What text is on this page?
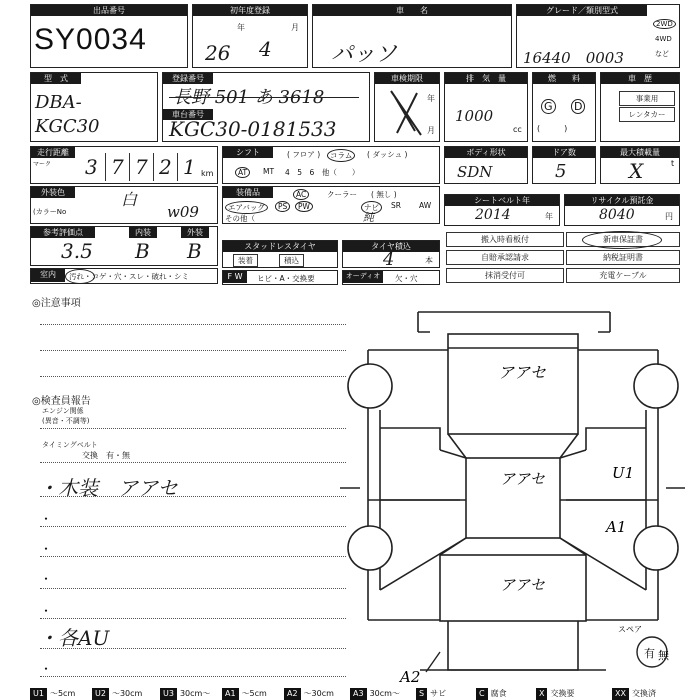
出品番号
SY0034
初年度登録
年	月
26 4
車　　名
パッソ
グレード／類別型式
16440　0003
2WD
4WD
など
型　式
DBA-KGC30
登録番号
長野 501 あ 3618
車台番号
KGC30-0181533
車検期限
年
月
排　気　量
1000
cc
燃　　料
G D
(　　　)
車　歴
事業用
レンタカー
走行距離
マーク 3 7 7 2 1 km
シフト	( フロア )	コラム	( ダッシュ )
AT	MT 4　5　6　他（　　）
ボディ形状
SDN
ドア数
5
最大積載量
t
X
外装色	白
(カラーNo	w09
装備品	AC	クーラー ( 無し )
エアバッグ	PS	PW	ナビ	SR AW
その他（	純
シートベルト年
2014	年
リサイクル預託金
8040	円
参考評価点	内装	外装
3.5 B B	スタッドレスタイヤ
装着	積込
タイヤ積込
4	本
搬入時看板付	新車保証書
自賠承認請求	納税証明書
抹消受付可	充電ケーブル
室内	汚れ・コゲ・穴・スレ・破れ・シミ	F W	ヒビ・A・交換要	オーディオ	欠・穴
◎注意事項
◎検査員報告
エンジン関係
(異音・不調等)
タイミングベルト
交換　有・無
・木装　アアセ
・
・
・
・
・各AU
・
スペア
有 無
アアセ
アアセ
アアセ
U1
A1
A2
U1 ～5cm	U2 ～30cm	U3 30cm～	A1 ～5cm	A2 ～30cm	A3 30cm～	S サビ	C 腐食	X 交換要	XX 交換済
